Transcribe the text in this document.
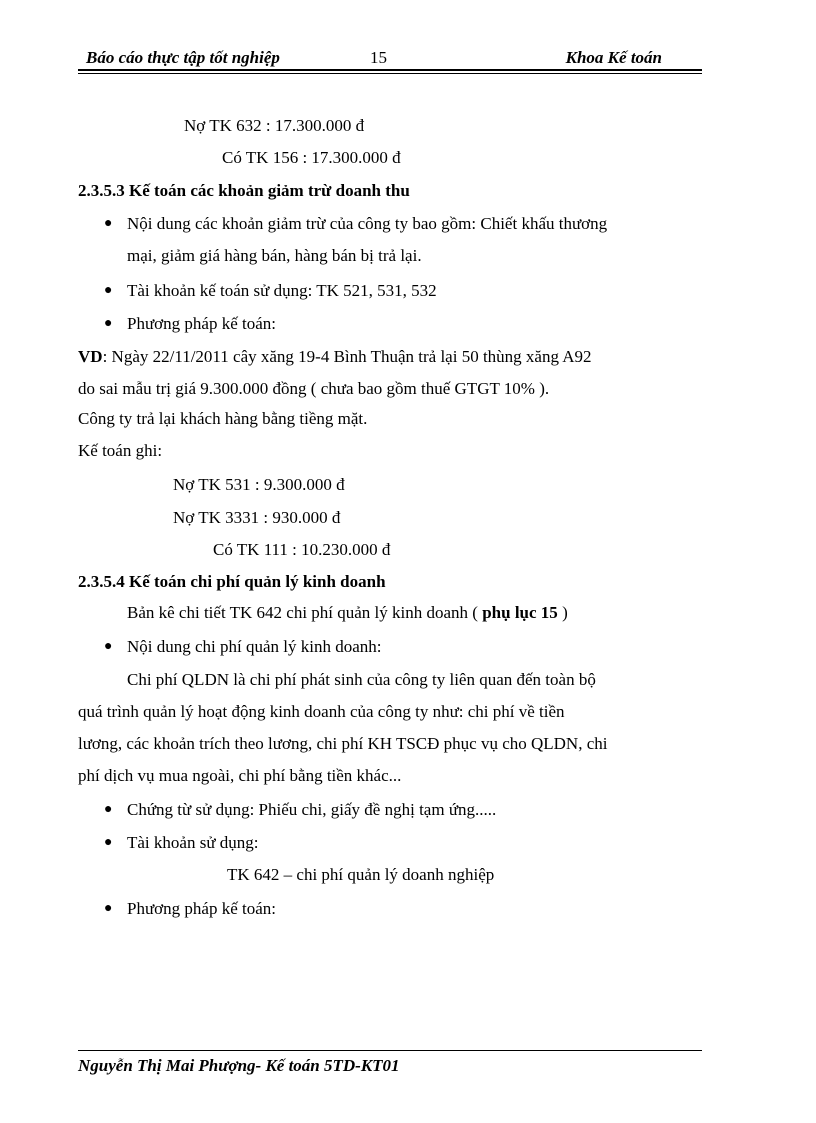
Báo cáo thực tập tốt nghiệp	15	Khoa Kế toán
Nợ TK 632 : 17.300.000 đ
Có TK 156 : 17.300.000 đ
2.3.5.3 Kế toán các khoản giảm trừ doanh thu
● Nội dung các khoản giảm trừ của công ty bao gồm: Chiết khấu thương
mại, giảm giá hàng bán, hàng bán bị trả lại.
● Tài khoản kế toán sử dụng: TK 521, 531, 532
● Phương pháp kế toán:
VD: Ngày 22/11/2011 cây xăng 19-4 Bình Thuận trả lại 50 thùng xăng A92
do sai mẫu trị giá 9.300.000 đồng ( chưa bao gồm thuế GTGT 10% ).
Công ty trả lại khách hàng bằng tiềng mặt.
Kế toán ghi:
Nợ TK 531 : 9.300.000 đ
Nợ TK 3331 : 930.000 đ
Có TK 111 : 10.230.000 đ
2.3.5.4 Kế toán chi phí quản lý kinh doanh
Bản kê chi tiết TK 642 chi phí quản lý kinh doanh ( phụ lục 15 )
● Nội dung chi phí quản lý kinh doanh:
Chi phí QLDN là chi phí phát sinh của công ty liên quan đến toàn bộ
quá trình quản lý hoạt động kinh doanh của công ty như: chi phí về tiền
lương, các khoản trích theo lương, chi phí KH TSCĐ phục vụ cho QLDN, chi
phí dịch vụ mua ngoài, chi phí bằng tiền khác...
● Chứng từ sử dụng: Phiếu chi, giấy đề nghị tạm ứng.....
● Tài khoản sử dụng:
TK 642 – chi phí quản lý doanh nghiệp
● Phương pháp kế toán:
Nguyễn Thị Mai Phượng- Kế toán 5TD-KT01
